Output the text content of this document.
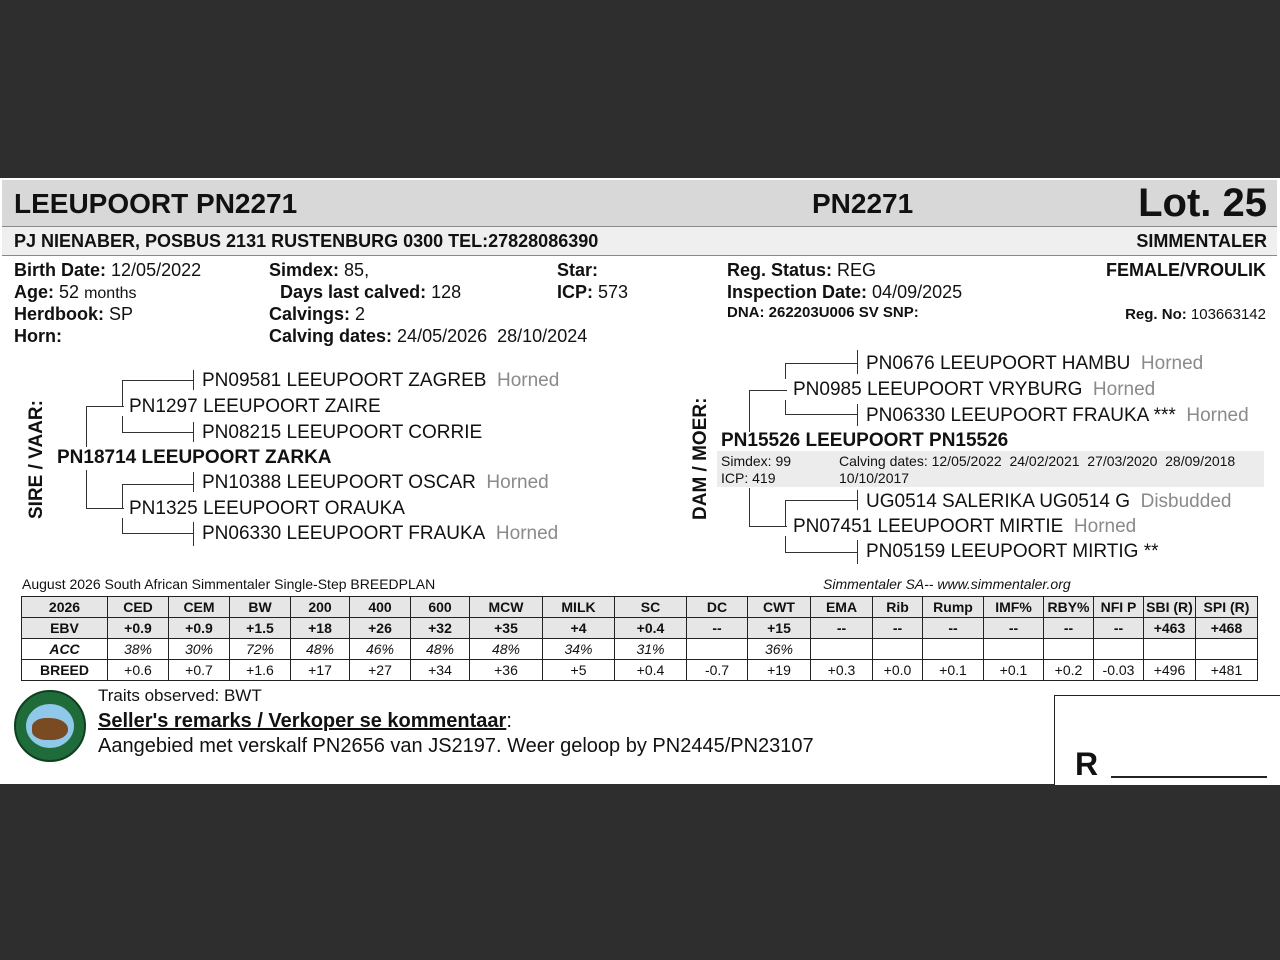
LEEUPOORT PN2271	PN2271	Lot. 25
PJ NIENABER, POSBUS 2131 RUSTENBURG 0300 TEL:27828086390	SIMMENTALER
Birth Date: 12/05/2022
Age: 52 months
Herdbook: SP
Horn:
Simdex: 85,
Days last calved: 128
Calvings: 2
Calving dates: 24/05/2026  28/10/2024
Star:
ICP: 573
Reg. Status: REG
Inspection Date: 04/09/2025
DNA: 262203U006 SV SNP:
FEMALE/VROULIK
Reg. No: 103663142
SIRE / VAAR:
PN09581 LEEUPOORT ZAGREB Horned
PN1297 LEEUPOORT ZAIRE
PN08215 LEEUPOORT CORRIE
PN18714 LEEUPOORT ZARKA
PN10388 LEEUPOORT OSCAR Horned
PN1325 LEEUPOORT ORAUKA
PN06330 LEEUPOORT FRAUKA Horned
DAM / MOER:
PN0676 LEEUPOORT HAMBU Horned
PN0985 LEEUPOORT VRYBURG Horned
PN06330 LEEUPOORT FRAUKA *** Horned
PN15526 LEEUPOORT PN15526
Simdex: 99
ICP: 419
Calving dates: 12/05/2022  24/02/2021  27/03/2020  28/09/2018
10/10/2017
UG0514 SALERIKA UG0514 G Disbudded
PN07451 LEEUPOORT MIRTIE Horned
PN05159 LEEUPOORT MIRTIG **
August 2026 South African Simmentaler Single-Step BREEDPLAN	Simmentaler SA-- www.simmentaler.org
2026	CED	CEM	BW	200	400	600	MCW	MILK	SC	DC	CWT	EMA	Rib	Rump	IMF%	RBY%	NFI P	SBI (R)	SPI (R)
EBV	+0.9	+0.9	+1.5	+18	+26	+32	+35	+4	+0.4	--	+15	--	--	--	--	--	--	+463	+468
ACC	38%	30%	72%	48%	46%	48%	48%	34%	31%		36%								
BREED	+0.6	+0.7	+1.6	+17	+27	+34	+36	+5	+0.4	-0.7	+19	+0.3	+0.0	+0.1	+0.1	+0.2	-0.03	+496	+481
Traits observed: BWT
Seller's remarks / Verkoper se kommentaar:
Aangebied met verskalf PN2656 van JS2197. Weer geloop by PN2445/PN23107	R
